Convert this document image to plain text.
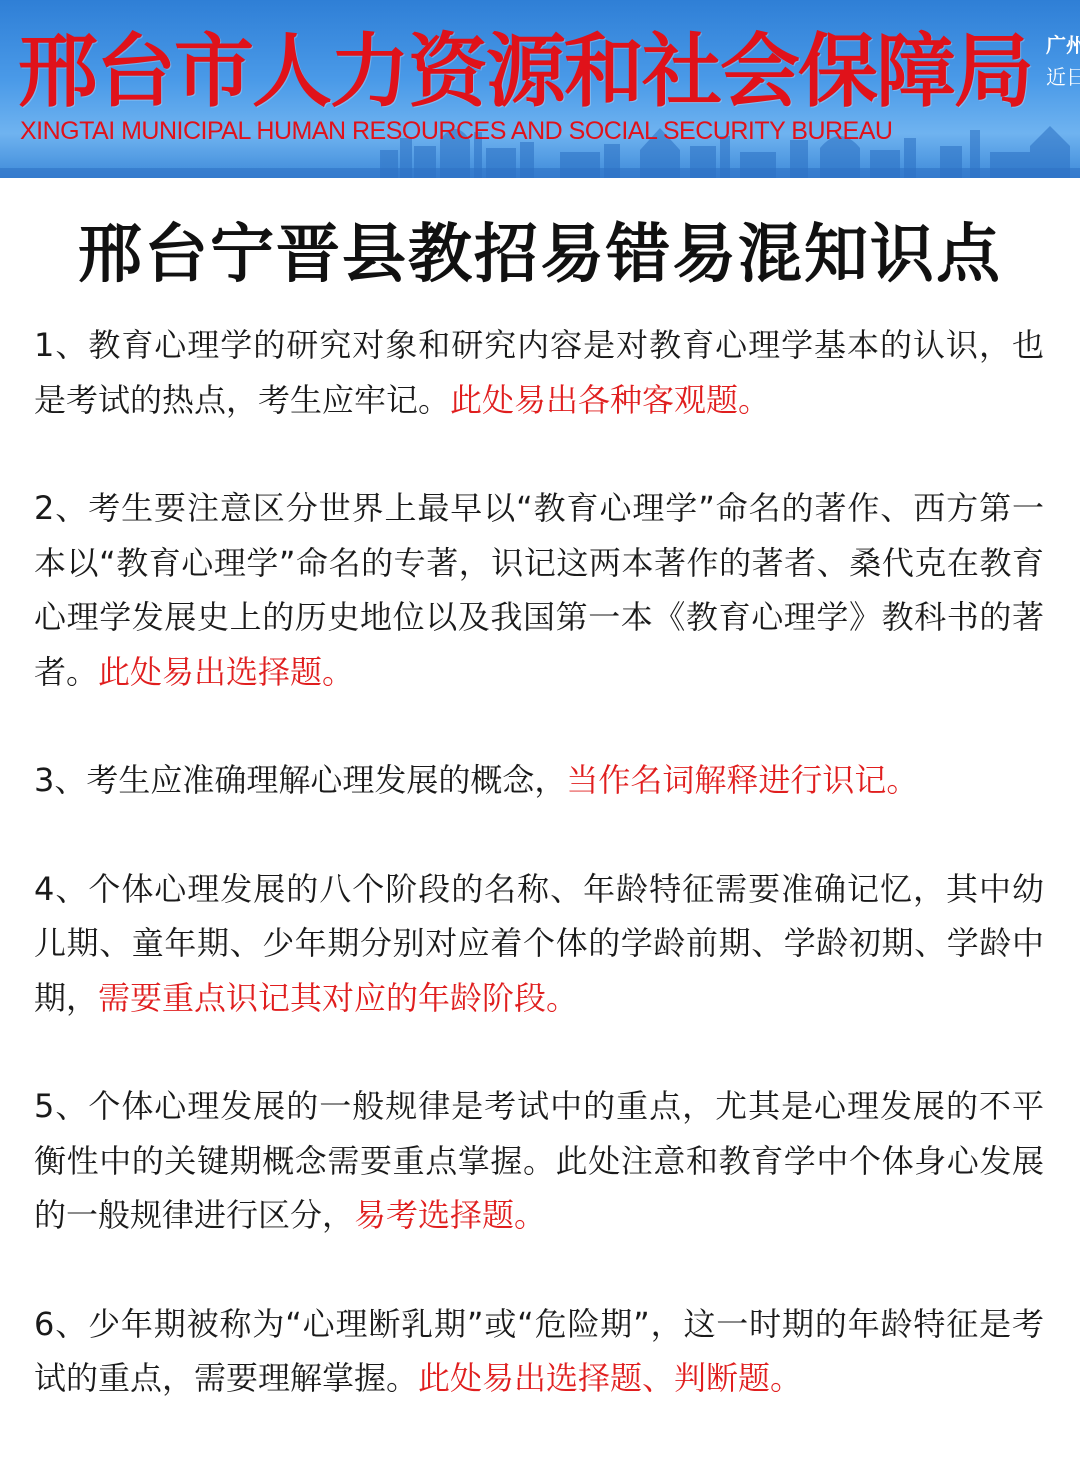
邢台市人力资源和社会保障局
XINGTAI MUNICIPAL HUMAN RESOURCES AND SOCIAL SECURITY BUREAU
广州
近日
邢台宁晋县教招易错易混知识点

1、教育心理学的研究对象和研究内容是对教育心理学基本的认识，也是考试的热点，考生应牢记。此处易出各种客观题。

2、考生要注意区分世界上最早以“教育心理学”命名的著作、西方第一本以“教育心理学”命名的专著，识记这两本著作的著者、桑代克在教育心理学发展史上的历史地位以及我国第一本《教育心理学》教科书的著者。此处易出选择题。

3、考生应准确理解心理发展的概念，当作名词解释进行识记。

4、个体心理发展的八个阶段的名称、年龄特征需要准确记忆，其中幼儿期、童年期、少年期分别对应着个体的学龄前期、学龄初期、学龄中期，需要重点识记其对应的年龄阶段。

5、个体心理发展的一般规律是考试中的重点，尤其是心理发展的不平衡性中的关键期概念需要重点掌握。此处注意和教育学中个体身心发展的一般规律进行区分，易考选择题。

6、少年期被称为“心理断乳期”或“危险期”，这一时期的年龄特征是考试的重点，需要理解掌握。此处易出选择题、判断题。
